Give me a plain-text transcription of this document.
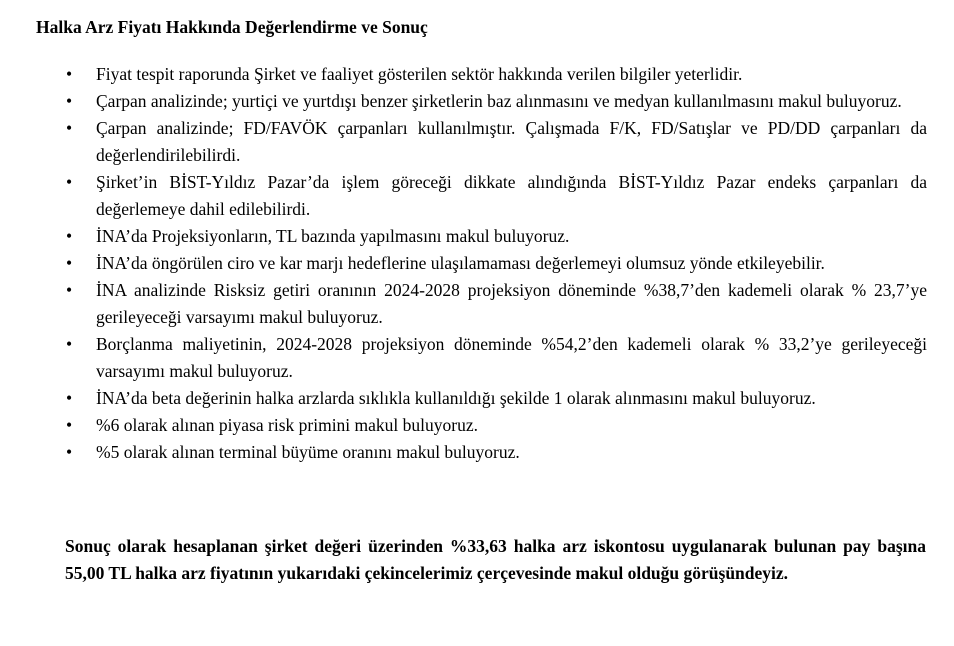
Halka Arz Fiyatı Hakkında Değerlendirme ve Sonuç
• Fiyat tespit raporunda Şirket ve faaliyet gösterilen sektör hakkında verilen bilgiler yeterlidir.
• Çarpan analizinde; yurtiçi ve yurtdışı benzer şirketlerin baz alınmasını ve medyan kullanılmasını makul buluyoruz.
• Çarpan analizinde; FD/FAVÖK çarpanları kullanılmıştır. Çalışmada F/K, FD/Satışlar ve PD/DD çarpanları da değerlendirilebilirdi.
• Şirket’in BİST-Yıldız Pazar’da işlem göreceği dikkate alındığında BİST-Yıldız Pazar endeks çarpanları da değerlemeye dahil edilebilirdi.
• İNA’da Projeksiyonların, TL bazında yapılmasını makul buluyoruz.
• İNA’da öngörülen ciro ve kar marjı hedeflerine ulaşılamaması değerlemeyi olumsuz yönde etkileyebilir.
• İNA analizinde Risksiz getiri oranının 2024-2028 projeksiyon döneminde %38,7’den kademeli olarak % 23,7’ye gerileyeceği varsayımı makul buluyoruz.
• Borçlanma maliyetinin, 2024-2028 projeksiyon döneminde %54,2’den kademeli olarak % 33,2’ye gerileyeceği varsayımı makul buluyoruz.
• İNA’da beta değerinin halka arzlarda sıklıkla kullanıldığı şekilde 1 olarak alınmasını makul buluyoruz.
• %6 olarak alınan piyasa risk primini makul buluyoruz.
• %5 olarak alınan terminal büyüme oranını makul buluyoruz.

Sonuç olarak hesaplanan şirket değeri üzerinden %33,63 halka arz iskontosu uygulanarak bulunan pay başına 55,00 TL halka arz fiyatının yukarıdaki çekincelerimiz çerçevesinde makul olduğu görüşündeyiz.
